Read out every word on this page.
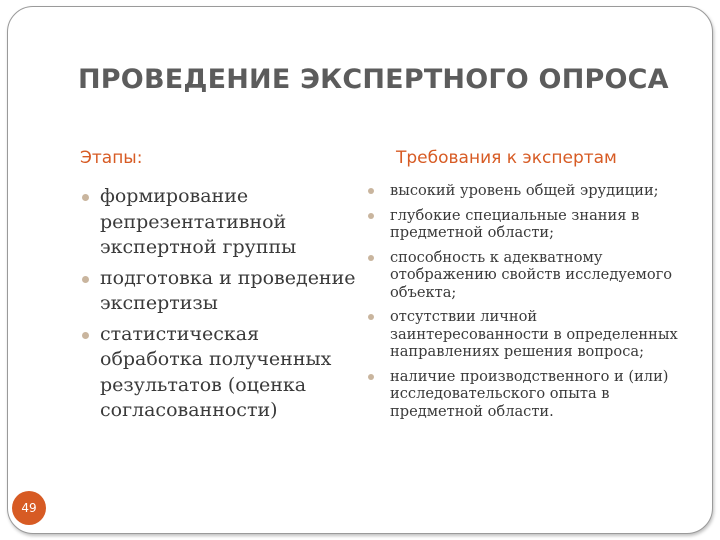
ПРОВЕДЕНИЕ ЭКСПЕРТНОГО ОПРОСА
Этапы:
формирование репрезентативной экспертной группы
подготовка и проведение экспертизы
статистическая обработка полученных результатов (оценка согласованности)
Требования к экспертам
высокий уровень общей эрудиции;
глубокие специальные знания в предметной области;
способность к адекватному отображению свойств исследуемого объекта;
отсутствии личной заинтересованности в определенных направлениях решения вопроса;
наличие производственного и (или) исследовательского опыта в предметной области.
49
